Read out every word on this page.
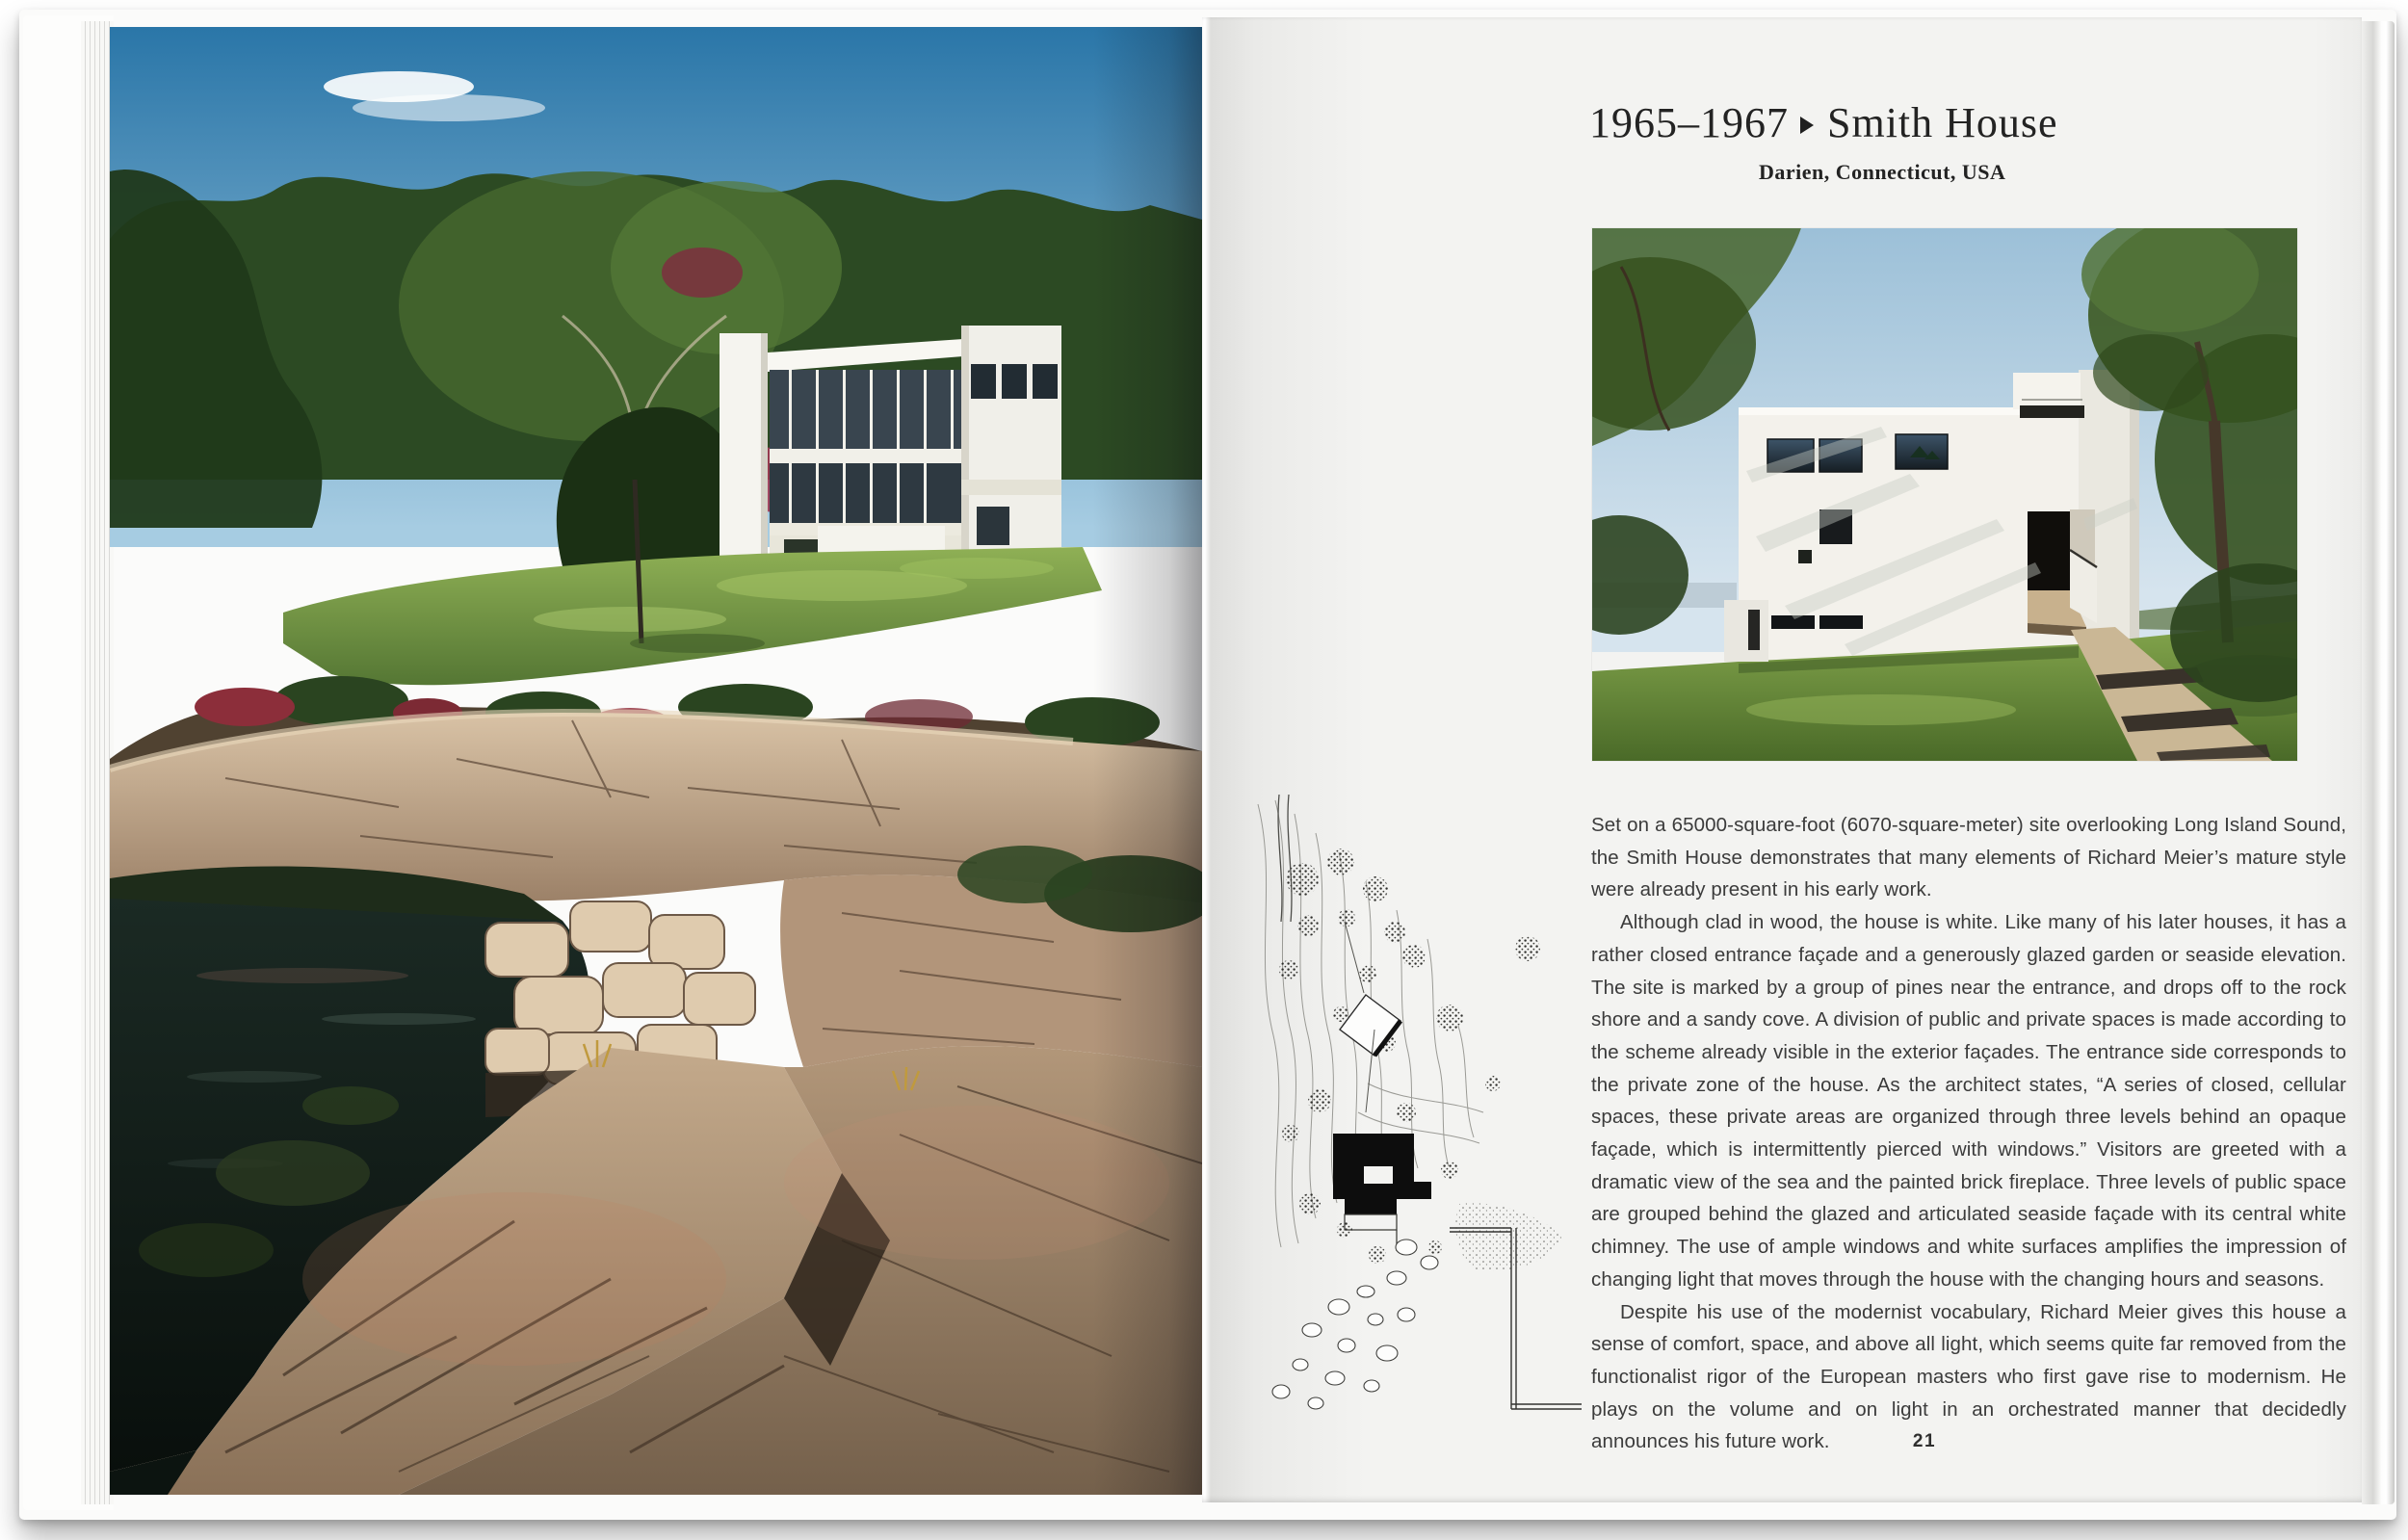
1965–1967 Smith House
Darien, Connecticut, USA

Set on a 65000-square-foot (6070-square-meter) site overlooking Long Island Sound, the Smith House demonstrates that many elements of Richard Meier’s mature style were already present in his early work.

Although clad in wood, the house is white. Like many of his later houses, it has a rather closed entrance façade and a generously glazed garden or seaside elevation. The site is marked by a group of pines near the entrance, and drops off to the rock shore and a sandy cove. A division of public and private spaces is made according to the scheme already visible in the exterior façades. The entrance side corresponds to the private zone of the house. As the architect states, “A series of closed, cellular spaces, these private areas are organized through three levels behind an opaque façade, which is intermittently pierced with windows.” Visitors are greeted with a dramatic view of the sea and the painted brick fireplace. Three levels of public space are grouped behind the glazed and articulated seaside façade with its central white chimney. The use of ample windows and white surfaces amplifies the impression of changing light that moves through the house with the changing hours and seasons.

Despite his use of the modernist vocabulary, Richard Meier gives this house a sense of comfort, space, and above all light, which seems quite far removed from the functionalist rigor of the European masters who first gave rise to modernism. He plays on the volume and on light in an orchestrated manner that decidedly announces his future work.	21
